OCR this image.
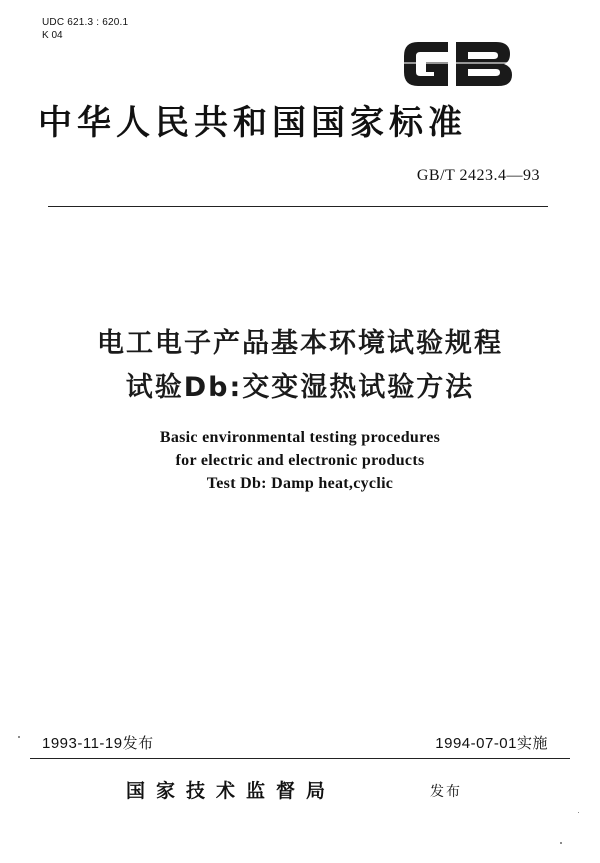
UDC 621.3 : 620.1
K 04
中华人民共和国国家标准
GB/T 2423.4—93
电工电子产品基本环境试验规程
试验Db:交变湿热试验方法
Basic environmental testing procedures
for electric and electronic products
Test Db: Damp heat,cyclic
1993-11-19发布	1994-07-01实施
国家技术监督局	发布
